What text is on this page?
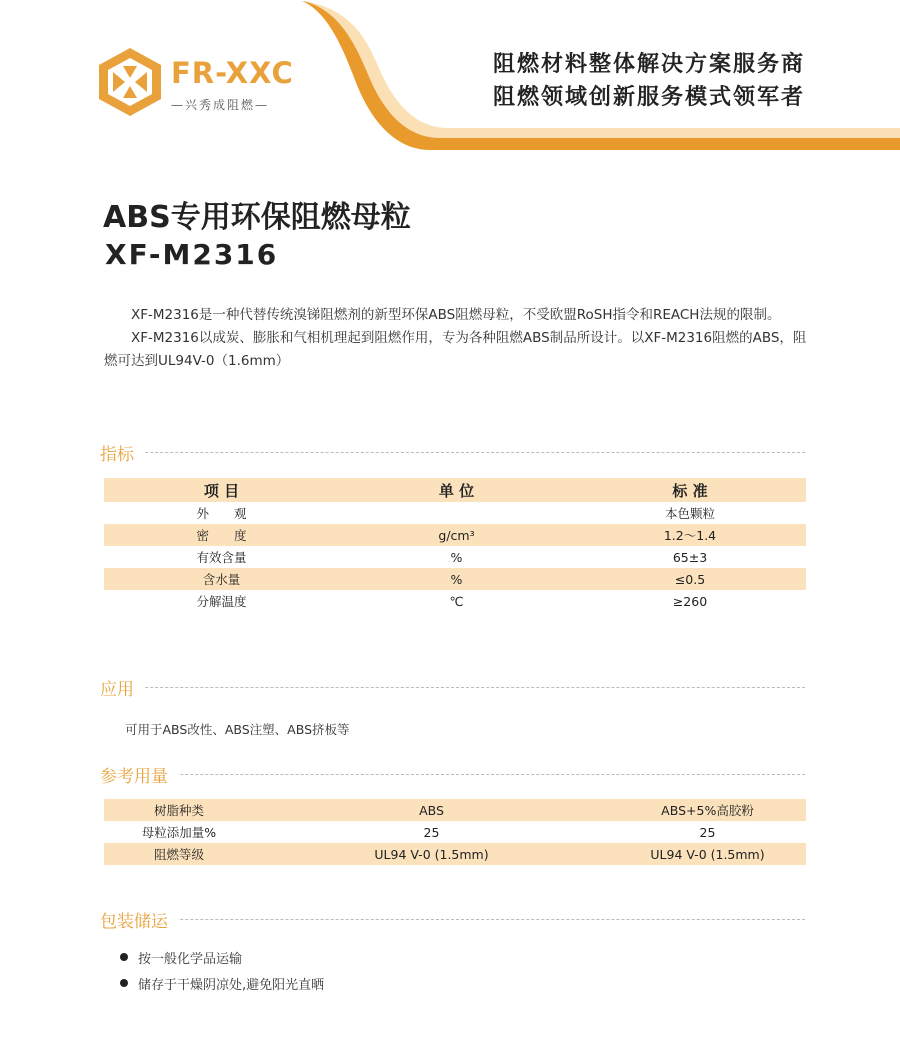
FR-XXC
—兴秀成阻燃—
阻燃材料整体解决方案服务商
阻燃领域创新服务模式领军者
ABS专用环保阻燃母粒
XF-M2316

XF-M2316是一种代替传统溴锑阻燃剂的新型环保ABS阻燃母粒，不受欧盟RoSH指令和REACH法规的限制。

XF-M2316以成炭、膨胀和气相机理起到阻燃作用，专为各种阻燃ABS制品所设计。以XF-M2316阻燃的ABS，阻燃可达到UL94V-0（1.6mm）

指标
项 目	单 位	标 准
外　　观		本色颗粒
密　　度	g/cm³	1.2～1.4
有效含量	%	65±3
含水量	%	≤0.5
分解温度	℃	≥260
应用
可用于ABS改性、ABS注塑、ABS挤板等
参考用量
树脂种类	ABS	ABS+5%高胶粉
母粒添加量%	25	25
阻燃等级	UL94 V-0 (1.5mm)	UL94 V-0 (1.5mm)
包装储运
按一般化学品运输
储存于干燥阴凉处,避免阳光直晒
